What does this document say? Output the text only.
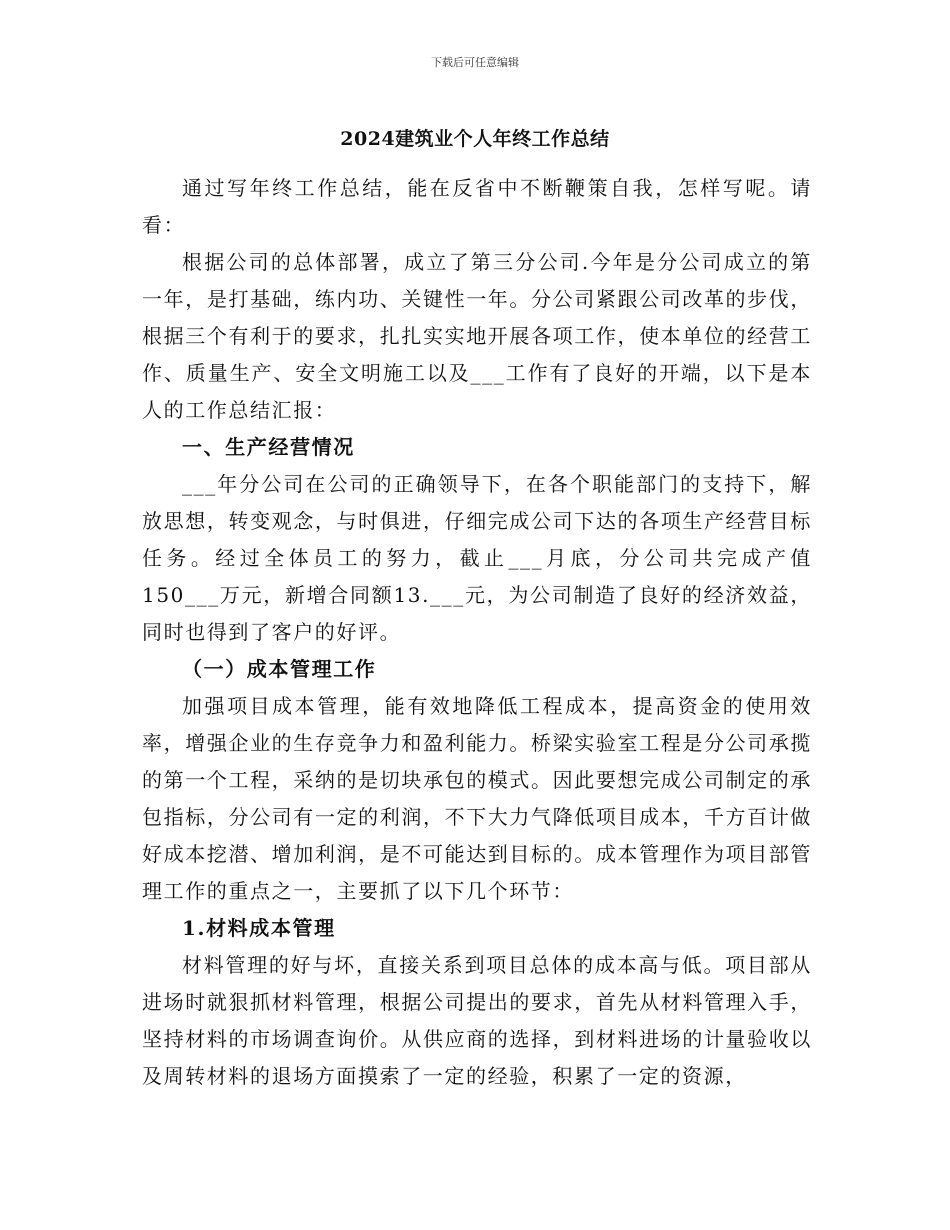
下载后可任意编辑
2024建筑业个人年终工作总结

通过写年终工作总结，能在反省中不断鞭策自我，怎样写呢。请看：

根据公司的总体部署，成立了第三分公司.今年是分公司成立的第一年，是打基础，练内功、关键性一年。分公司紧跟公司改革的步伐，根据三个有利于的要求，扎扎实实地开展各项工作，使本单位的经营工作、质量生产、安全文明施工以及___工作有了良好的开端，以下是本人的工作总结汇报：

一、生产经营情况

___年分公司在公司的正确领导下，在各个职能部门的支持下，解放思想，转变观念，与时俱进，仔细完成公司下达的各项生产经营目标任务。经过全体员工的努力，截止___月底，分公司共完成产值150___万元，新增合同额13.___元，为公司制造了良好的经济效益，同时也得到了客户的好评。

（一）成本管理工作

加强项目成本管理，能有效地降低工程成本，提高资金的使用效率，增强企业的生存竞争力和盈利能力。桥梁实验室工程是分公司承揽的第一个工程，采纳的是切块承包的模式。因此要想完成公司制定的承包指标，分公司有一定的利润，不下大力气降低项目成本，千方百计做好成本挖潜、增加利润，是不可能达到目标的。成本管理作为项目部管理工作的重点之一，主要抓了以下几个环节：

1.材料成本管理

材料管理的好与坏，直接关系到项目总体的成本高与低。项目部从进场时就狠抓材料管理，根据公司提出的要求，首先从材料管理入手，坚持材料的市场调查询价。从供应商的选择，到材料进场的计量验收以及周转材料的退场方面摸索了一定的经验，积累了一定的资源，
